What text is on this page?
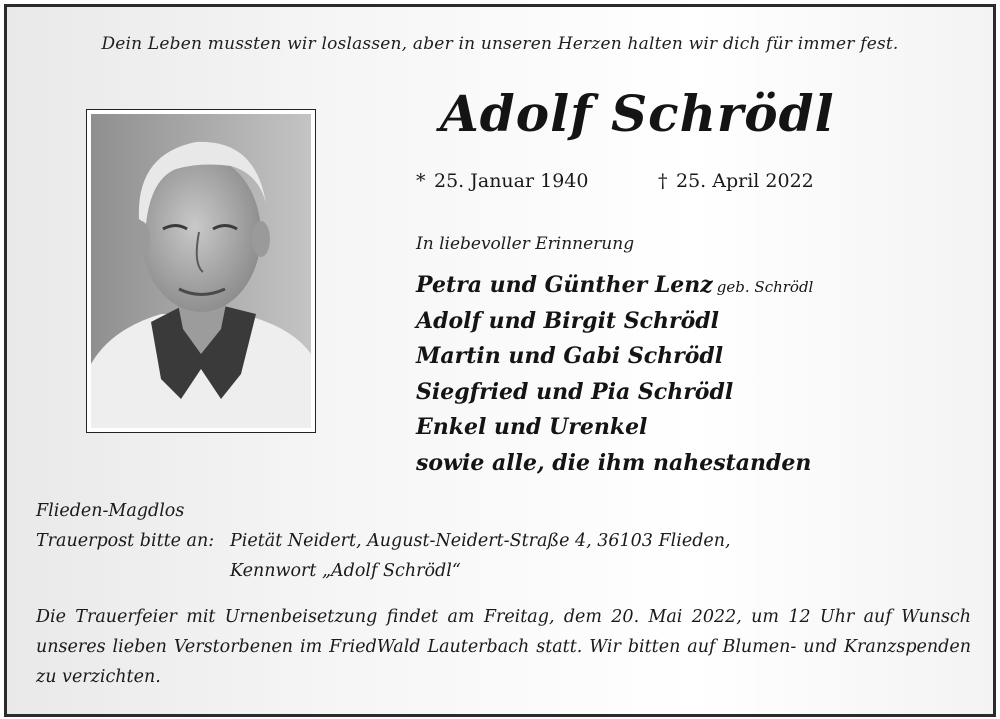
Dein Leben mussten wir loslassen, aber in unseren Herzen halten wir dich für immer fest.
Adolf Schrödl
* 25. Januar 1940	† 25. April 2022
In liebevoller Erinnerung
Petra und Günther Lenz geb. Schrödl
Adolf und Birgit Schrödl
Martin und Gabi Schrödl
Siegfried und Pia Schrödl
Enkel und Urenkel
sowie alle, die ihm nahestanden
Flieden-Magdlos
Trauerpost bitte an: Pietät Neidert, August-Neidert-Straße 4, 36103 Flieden,
Kennwort „Adolf Schrödl“
Die Trauerfeier mit Urnenbeisetzung findet am Freitag, dem 20. Mai 2022, um 12 Uhr auf Wunsch unseres lieben Verstorbenen im FriedWald Lauterbach statt. Wir bitten auf Blumen- und Kranzspenden zu verzichten.
